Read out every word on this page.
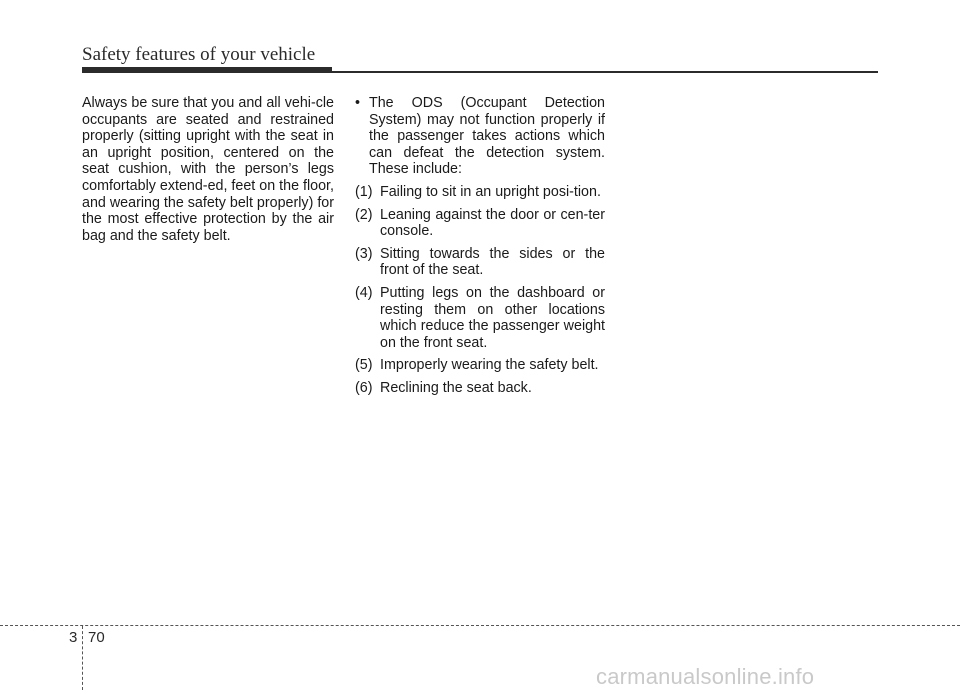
Safety features of your vehicle

Always be sure that you and all vehi-cle occupants are seated and restrained properly (sitting upright with the seat in an upright position, centered on the seat cushion, with the person’s legs comfortably extend-ed, feet on the floor, and wearing the safety belt properly) for the most effective protection by the air bag and the safety belt.

• The ODS (Occupant Detection System) may not function properly if the passenger takes actions which can defeat the detection system. These include:
(1) Failing to sit in an upright posi-tion.
(2) Leaning against the door or cen-ter console.
(3) Sitting towards the sides or the front of the seat.
(4) Putting legs on the dashboard or resting them on other locations which reduce the passenger weight on the front seat.
(5) Improperly wearing the safety belt.
(6) Reclining the seat back.
3 70
carmanualsonline.info
